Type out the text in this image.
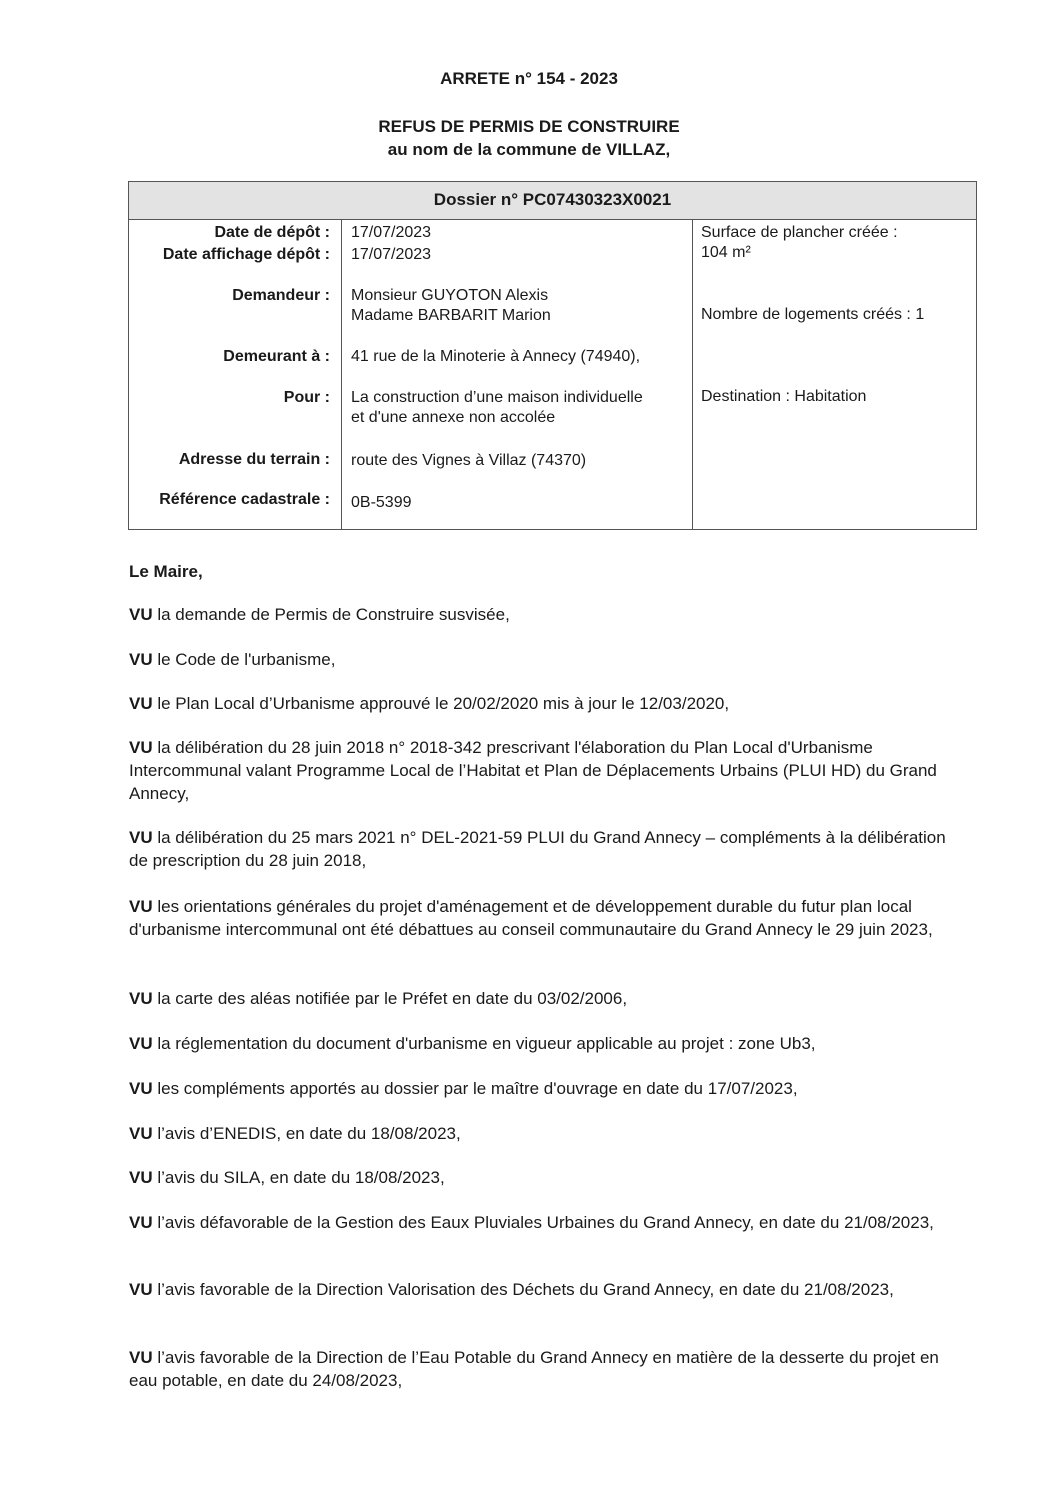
ARRETE n° 154 - 2023
REFUS DE PERMIS DE CONSTRUIRE
au nom de la commune de VILLAZ,
Dossier n° PC07430323X0021
Date de dépôt :
Date affichage dépôt :
Demandeur :
Demeurant à :
Pour :
Adresse du terrain :
Référence cadastrale :
17/07/2023
17/07/2023
Monsieur GUYOTON Alexis
Madame BARBARIT Marion
41 rue de la Minoterie à Annecy (74940),
La construction d’une maison individuelle
et d'une annexe non accolée
route des Vignes à Villaz (74370)
0B-5399
Surface de plancher créée :
104 m²
Nombre de logements créés : 1
Destination : Habitation
Le Maire,
VU la demande de Permis de Construire susvisée,
VU le Code de l'urbanisme,
VU le Plan Local d’Urbanisme approuvé le 20/02/2020 mis à jour le 12/03/2020,
VU la délibération du 28 juin 2018 n° 2018-342 prescrivant l'élaboration du Plan Local d'Urbanisme Intercommunal valant Programme Local de l’Habitat et Plan de Déplacements Urbains (PLUI HD) du Grand Annecy,
VU la délibération du 25 mars 2021 n° DEL-2021-59 PLUI du Grand Annecy – compléments à la délibération de prescription du 28 juin 2018,
VU les orientations générales du projet d'aménagement et de développement durable du futur plan local d'urbanisme intercommunal ont été débattues au conseil communautaire du Grand Annecy le 29 juin 2023,
VU la carte des aléas notifiée par le Préfet en date du 03/02/2006,
VU la réglementation du document d'urbanisme en vigueur applicable au projet : zone Ub3,
VU les compléments apportés au dossier par le maître d'ouvrage en date du 17/07/2023,
VU l’avis d’ENEDIS, en date du 18/08/2023,
VU l’avis du SILA, en date du 18/08/2023,
VU l’avis défavorable de la Gestion des Eaux Pluviales Urbaines du Grand Annecy, en date du 21/08/2023,
VU l’avis favorable de la Direction Valorisation des Déchets du Grand Annecy, en date du 21/08/2023,
VU l’avis favorable de la Direction de l’Eau Potable du Grand Annecy en matière de la desserte du projet en eau potable, en date du 24/08/2023,
